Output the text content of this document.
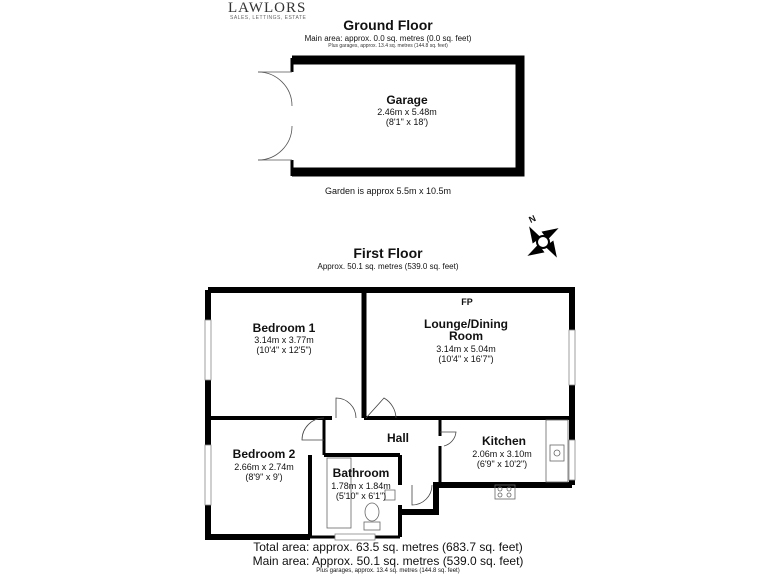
LAWLORS
SALES, LETTINGS, ESTATE	Ground Floor
Main area: approx. 0.0 sq. metres (0.0 sq. feet)
Plus garages, approx. 13.4 sq. metres (144.8 sq. feet)
Garage
2.46m x 5.48m
(8'1" x 18')
Garden is approx 5.5m x 10.5m
N
First Floor
Approx. 50.1 sq. metres (539.0 sq. feet)
FP
Bedroom 1
3.14m x 3.77m
(10'4" x 12'5")
Lounge/Dining
Room
3.14m x 5.04m
(10'4" x 16'7")
Hall	Kitchen
2.06m x 3.10m
(6'9" x 10'2")
Bedroom 2
2.66m x 2.74m
(8'9" x 9')	Bathroom
1.78m x 1.84m
(5'10" x 6'1")
Total area: approx. 63.5 sq. metres (683.7 sq. feet)
Main area: Approx. 50.1 sq. metres (539.0 sq. feet)
Plus garages, approx. 13.4 sq. metres (144.8 sq. feet)
